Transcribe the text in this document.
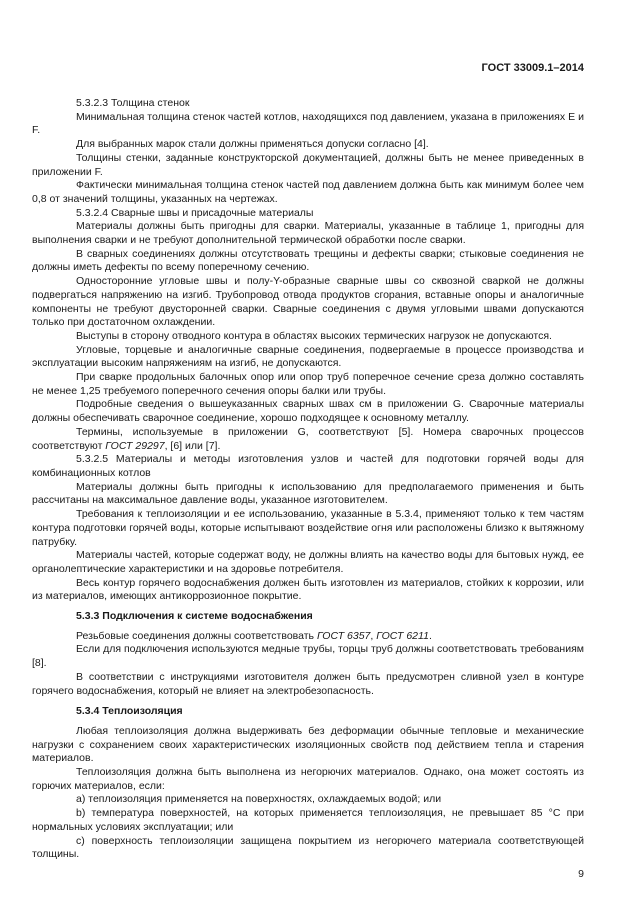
ГОСТ 33009.1–2014

5.3.2.3 Толщина стенок

Минимальная толщина стенок частей котлов, находящихся под давлением, указана в приложениях E и F.

Для выбранных марок стали должны применяться допуски согласно [4].

Толщины стенки, заданные конструкторской документацией, должны быть не менее приведенных в приложении F.

Фактически минимальная толщина стенок частей под давлением должна быть как минимум более чем 0,8 от значений толщины, указанных на чертежах.

5.3.2.4 Сварные швы и присадочные материалы

Материалы должны быть пригодны для сварки. Материалы, указанные в таблице 1, пригодны для выполнения сварки и не требуют дополнительной термической обработки после сварки.

В сварных соединениях должны отсутствовать трещины и дефекты сварки; стыковые соединения не должны иметь дефекты по всему поперечному сечению.

Односторонние угловые швы и полу-Y-образные сварные швы со сквозной сваркой не должны подвергаться напряжению на изгиб. Трубопровод отвода продуктов сгорания, вставные опоры и аналогичные компоненты не требуют двусторонней сварки. Сварные соединения с двумя угловыми швами допускаются только при достаточном охлаждении.

Выступы в сторону отводного контура в областях высоких термических нагрузок не допускаются.

Угловые, торцевые и аналогичные сварные соединения, подвергаемые в процессе производства и эксплуатации высоким напряжениям на изгиб, не допускаются.

При сварке продольных балочных опор или опор труб поперечное сечение среза должно составлять не менее 1,25 требуемого поперечного сечения опоры балки или трубы.

Подробные сведения о вышеуказанных сварных швах см в приложении G. Сварочные материалы должны обеспечивать сварочное соединение, хорошо подходящее к основному металлу.

Термины, используемые в приложении G, соответствуют [5]. Номера сварочных процессов соответствуют ГОСТ 29297, [6] или [7].

5.3.2.5 Материалы и методы изготовления узлов и частей для подготовки горячей воды для комбинационных котлов

Материалы должны быть пригодны к использованию для предполагаемого применения и быть рассчитаны на максимальное давление воды, указанное изготовителем.

Требования к теплоизоляции и ее использованию, указанные в 5.3.4, применяют только к тем частям контура подготовки горячей воды, которые испытывают воздействие огня или расположены близко к вытяжному патрубку.

Материалы частей, которые содержат воду, не должны влиять на качество воды для бытовых нужд, ее органолептические характеристики и на здоровье потребителя.

Весь контур горячего водоснабжения должен быть изготовлен из материалов, стойких к коррозии, или из материалов, имеющих антикоррозионное покрытие.

5.3.3 Подключения к системе водоснабжения

Резьбовые соединения должны соответствовать ГОСТ 6357, ГОСТ 6211.

Если для подключения используются медные трубы, торцы труб должны соответствовать требованиям [8].

В соответствии с инструкциями изготовителя должен быть предусмотрен сливной узел в контуре горячего водоснабжения, который не влияет на электробезопасность.

5.3.4 Теплоизоляция

Любая теплоизоляция должна выдерживать без деформации обычные тепловые и механические нагрузки с сохранением своих характеристических изоляционных свойств под действием тепла и старения материалов.

Теплоизоляция должна быть выполнена из негорючих материалов. Однако, она может состоять из горючих материалов, если:

a) теплоизоляция применяется на поверхностях, охлаждаемых водой; или

b) температура поверхностей, на которых применяется теплоизоляция, не превышает 85 °С при нормальных условиях эксплуатации; или

c) поверхность теплоизоляции защищена покрытием из негорючего материала соответствующей толщины.

9
